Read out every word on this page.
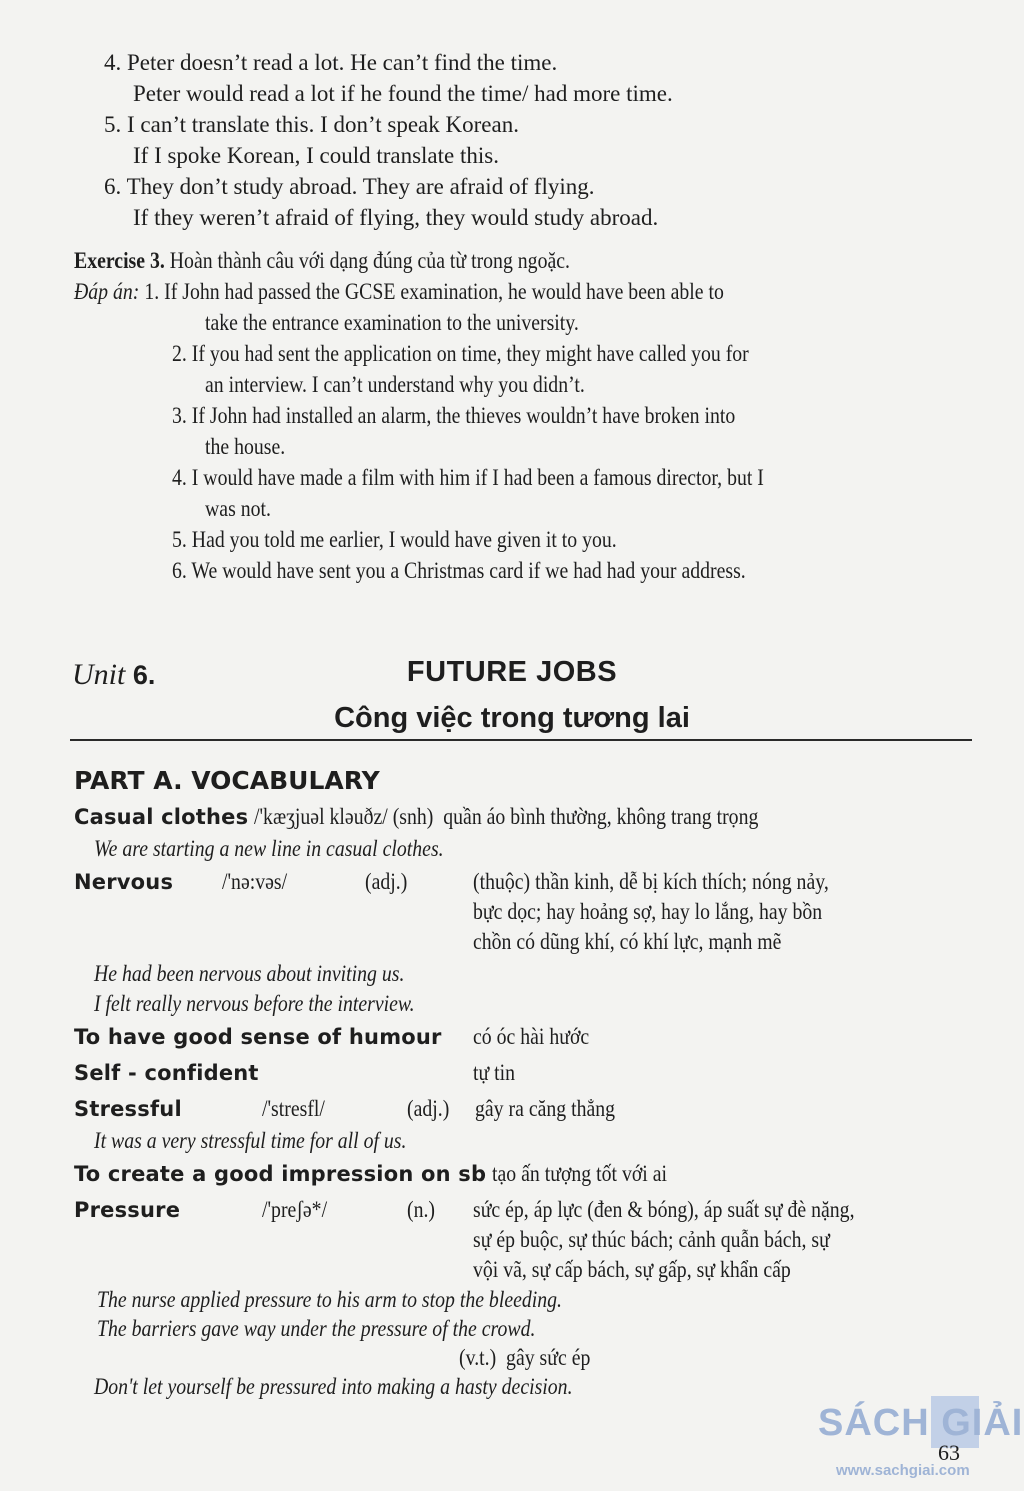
4. Peter doesn’t read a lot. He can’t find the time.
Peter would read a lot if he found the time/ had more time.
5. I can’t translate this. I don’t speak Korean.
If I spoke Korean, I could translate this.
6. They don’t study abroad. They are afraid of flying.
If they weren’t afraid of flying, they would study abroad.
Exercise 3. Hoàn thành câu với dạng đúng của từ trong ngoặc.
Đáp án: 1. If John had passed the GCSE examination, he would have been able to
take the entrance examination to the university.
2. If you had sent the application on time, they might have called you for
an interview. I can’t understand why you didn’t.
3. If John had installed an alarm, the thieves wouldn’t have broken into
the house.
4. I would have made a film with him if I had been a famous director, but I
was not.
5. Had you told me earlier, I would have given it to you.
6. We would have sent you a Christmas card if we had had your address.
Unit 6.	FUTURE JOBS
Công việc trong tương lai
PART A. VOCABULARY
Casual clothes /'kæʒjuəl kləuðz/ (snh) quần áo bình thường, không trang trọng
We are starting a new line in casual clothes.
Nervous /'nə:vəs/	(adj.)	(thuộc) thần kinh, dễ bị kích thích; nóng nảy,
bực dọc; hay hoảng sợ, hay lo lắng, hay bồn
chồn có dũng khí, có khí lực, mạnh mẽ
He had been nervous about inviting us.
I felt really nervous before the interview.
To have good sense of humour có óc hài hước
Self - confident	tự tin
Stressful	/'stresfl/	(adj.) gây ra căng thẳng
It was a very stressful time for all of us.
To create a good impression on sb tạo ấn tượng tốt với ai
Pressure	/'preʃə*/	(n.) sức ép, áp lực (đen & bóng), áp suất sự đè nặng,
sự ép buộc, sự thúc bách; cảnh quẫn bách, sự
vội vã, sự cấp bách, sự gấp, sự khẩn cấp
The nurse applied pressure to his arm to stop the bleeding.
The barriers gave way under the pressure of the crowd.
(v.t.) gây sức ép
Don't let yourself be pressured into making a hasty decision.
SÁCH GIẢI
63
www.sachgiai.com
